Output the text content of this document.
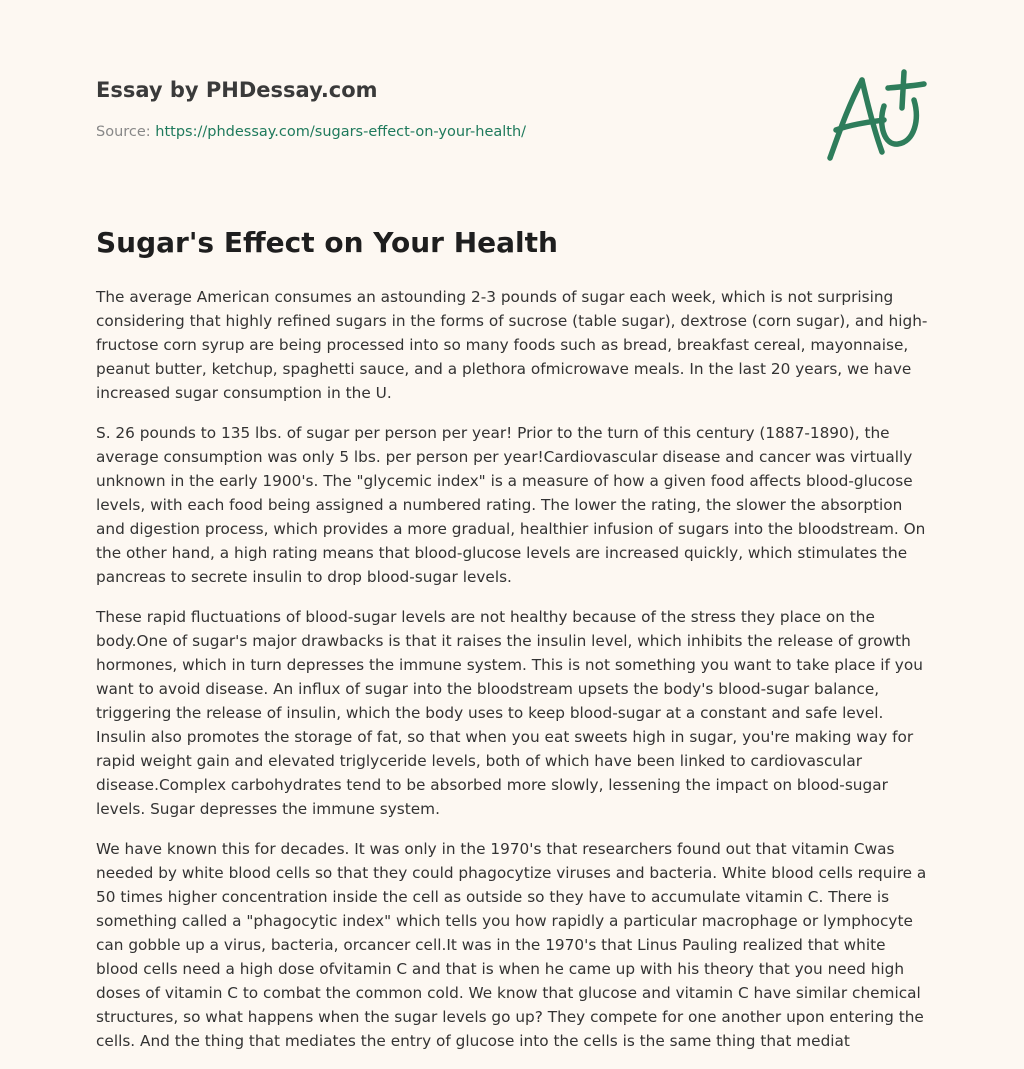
Essay by PHDessay.com
Source: https://phdessay.com/sugars-effect-on-your-health/
Sugar's Effect on Your Health

The average American consumes an astounding 2-3 pounds of sugar each week, which is not surprising considering that highly refined sugars in the forms of sucrose (table sugar), dextrose (corn sugar), and high-fructose corn syrup are being processed into so many foods such as bread, breakfast cereal, mayonnaise, peanut butter, ketchup, spaghetti sauce, and a plethora ofmicrowave meals. In the last 20 years, we have increased sugar consumption in the U.

S. 26 pounds to 135 lbs. of sugar per person per year! Prior to the turn of this century (1887-1890), the average consumption was only 5 lbs. per person per year!Cardiovascular disease and cancer was virtually unknown in the early 1900's. The "glycemic index" is a measure of how a given food affects blood-glucose levels, with each food being assigned a numbered rating. The lower the rating, the slower the absorption and digestion process, which provides a more gradual, healthier infusion of sugars into the bloodstream. On the other hand, a high rating means that blood-glucose levels are increased quickly, which stimulates the pancreas to secrete insulin to drop blood-sugar levels.

These rapid fluctuations of blood-sugar levels are not healthy because of the stress they place on the body.One of sugar's major drawbacks is that it raises the insulin level, which inhibits the release of growth hormones, which in turn depresses the immune system. This is not something you want to take place if you want to avoid disease. An influx of sugar into the bloodstream upsets the body's blood-sugar balance, triggering the release of insulin, which the body uses to keep blood-sugar at a constant and safe level. Insulin also promotes the storage of fat, so that when you eat sweets high in sugar, you're making way for rapid weight gain and elevated triglyceride levels, both of which have been linked to cardiovascular disease.Complex carbohydrates tend to be absorbed more slowly, lessening the impact on blood-sugar levels. Sugar depresses the immune system.

We have known this for decades. It was only in the 1970's that researchers found out that vitamin Cwas needed by white blood cells so that they could phagocytize viruses and bacteria. White blood cells require a 50 times higher concentration inside the cell as outside so they have to accumulate vitamin C. There is something called a "phagocytic index" which tells you how rapidly a particular macrophage or lymphocyte can gobble up a virus, bacteria, orcancer cell.It was in the 1970's that Linus Pauling realized that white blood cells need a high dose ofvitamin C and that is when he came up with his theory that you need high doses of vitamin C to combat the common cold. We know that glucose and vitamin C have similar chemical structures, so what happens when the sugar levels go up? They compete for one another upon entering the cells. And the thing that mediates the entry of glucose into the cells is the same thing that mediat
